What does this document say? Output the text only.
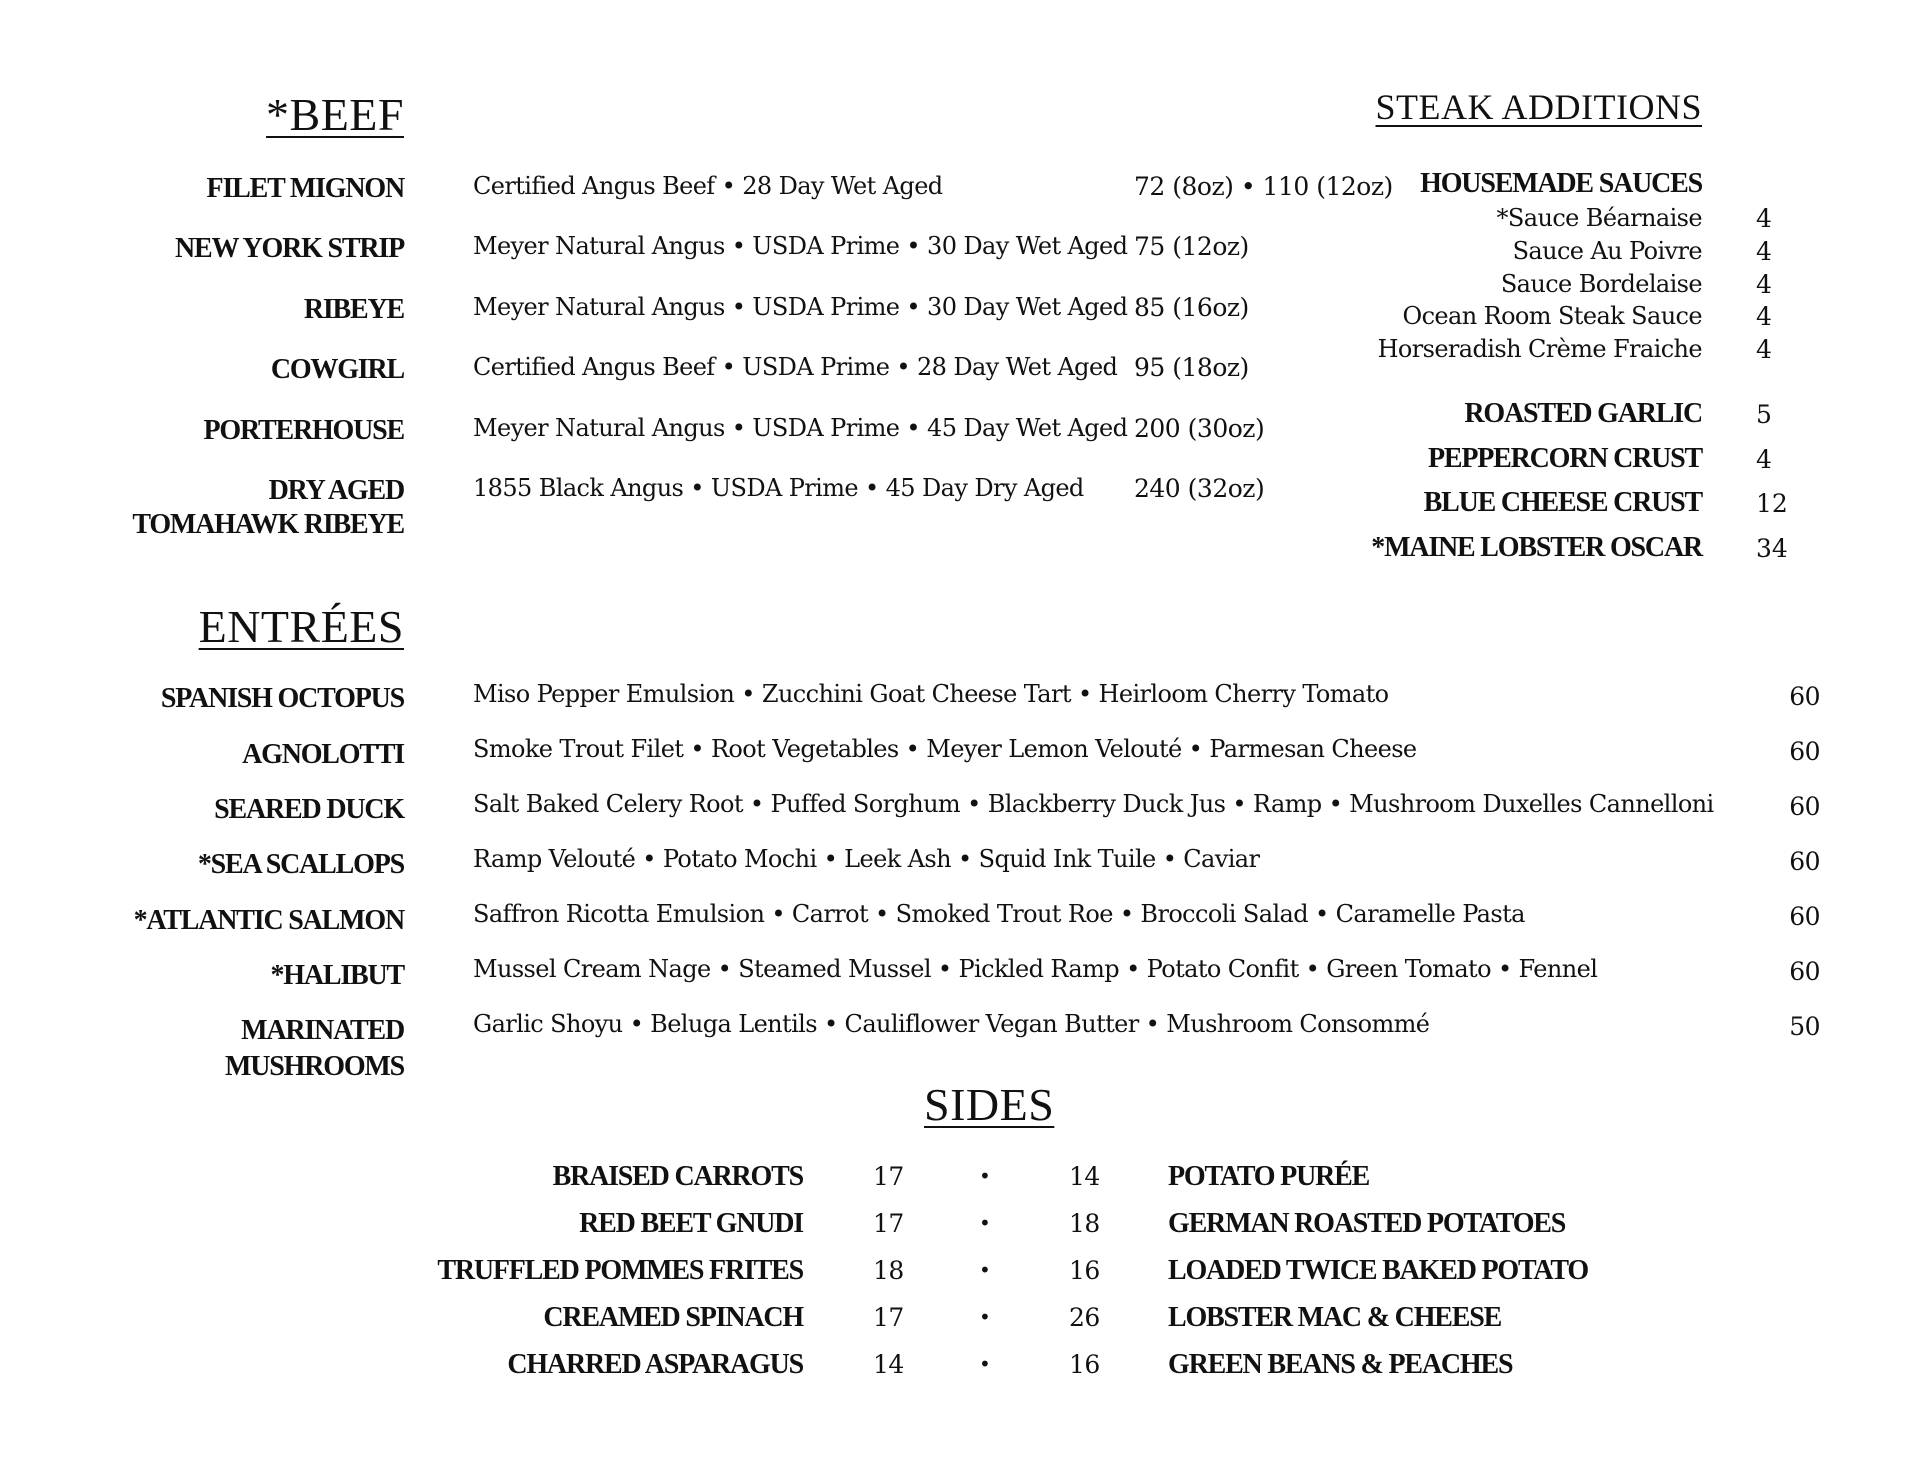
*BEEF
FILET MIGNON	Certified Angus Beef • 28 Day Wet Aged	72 (8oz) • 110 (12oz)
NEW YORK STRIP	Meyer Natural Angus • USDA Prime • 30 Day Wet Aged 75 (12oz)
RIBEYE	Meyer Natural Angus • USDA Prime • 30 Day Wet Aged 85 (16oz)
COWGIRL	Certified Angus Beef • USDA Prime • 28 Day Wet Aged 95 (18oz)
PORTERHOUSE	Meyer Natural Angus • USDA Prime • 45 Day Wet Aged 200 (30oz)
DRY AGED
TOMAHAWK RIBEYE
1855 Black Angus • USDA Prime • 45 Day Dry Aged 240 (32oz)
STEAK ADDITIONS
HOUSEMADE SAUCES
*Sauce Béarnaise 4
Sauce Au Poivre 4
Sauce Bordelaise 4
Ocean Room Steak Sauce 4
Horseradish Crème Fraiche 4
ROASTED GARLIC 5
PEPPERCORN CRUST 4
BLUE CHEESE CRUST 12
*MAINE LOBSTER OSCAR 34
ENTRÉES
SPANISH OCTOPUS	Miso Pepper Emulsion • Zucchini Goat Cheese Tart • Heirloom Cherry Tomato	60
AGNOLOTTI	Smoke Trout Filet • Root Vegetables • Meyer Lemon Velouté • Parmesan Cheese	60
SEARED DUCK	Salt Baked Celery Root • Puffed Sorghum • Blackberry Duck Jus • Ramp • Mushroom Duxelles Cannelloni	60
*SEA SCALLOPS	Ramp Velouté • Potato Mochi • Leek Ash • Squid Ink Tuile • Caviar	60
*ATLANTIC SALMON	Saffron Ricotta Emulsion • Carrot • Smoked Trout Roe • Broccoli Salad • Caramelle Pasta	60
*HALIBUT	Mussel Cream Nage • Steamed Mussel • Pickled Ramp • Potato Confit • Green Tomato • Fennel	60
MARINATED
MUSHROOMS
Garlic Shoyu • Beluga Lentils • Cauliflower Vegan Butter • Mushroom Consommé	50
SIDES
BRAISED CARROTS	17	•	14 POTATO PURÉE
RED BEET GNUDI	17	•	18 GERMAN ROASTED POTATOES
TRUFFLED POMMES FRITES	18	•	16 LOADED TWICE BAKED POTATO
CREAMED SPINACH	17	•	26 LOBSTER MAC & CHEESE
CHARRED ASPARAGUS	14	•	16 GREEN BEANS & PEACHES
